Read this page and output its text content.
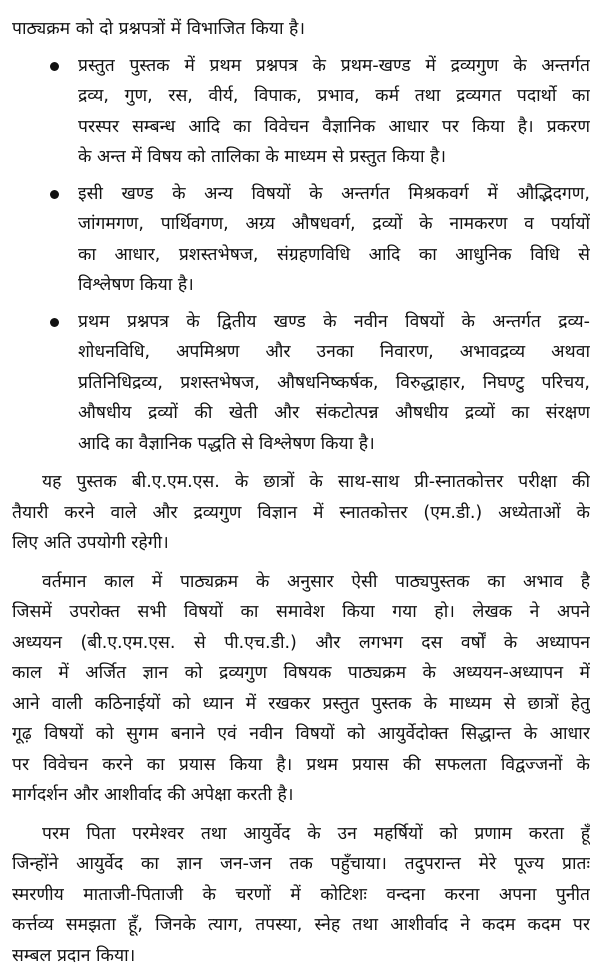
पाठ्यक्रम को दो प्रश्नपत्रों में विभाजित किया है।
प्रस्तुत पुस्तक में प्रथम प्रश्नपत्र के प्रथम-खण्ड में द्रव्यगुण के अन्तर्गत
द्रव्य, गुण, रस, वीर्य, विपाक, प्रभाव, कर्म तथा द्रव्यगत पदार्थो का
परस्पर सम्बन्ध आदि का विवेचन वैज्ञानिक आधार पर किया है। प्रकरण
के अन्त में विषय को तालिका के माध्यम से प्रस्तुत किया है।
इसी खण्ड के अन्य विषयों के अन्तर्गत मिश्रकवर्ग में औद्भिदगण,
जांगमगण, पार्थिवगण, अग्र्य औषधवर्ग, द्रव्यों के नामकरण व पर्यायों
का आधार, प्रशस्तभेषज, संग्रहणविधि आदि का आधुनिक विधि से
विश्लेषण किया है।
प्रथम प्रश्नपत्र के द्वितीय खण्ड के नवीन विषयों के अन्तर्गत द्रव्य-
शोधनविधि, अपमिश्रण और उनका निवारण, अभावद्रव्य अथवा
प्रतिनिधिद्रव्य, प्रशस्तभेषज, औषधनिष्कर्षक, विरुद्धाहार, निघण्टु परिचय,
औषधीय द्रव्यों की खेती और संकटोत्पन्न औषधीय द्रव्यों का संरक्षण
आदि का वैज्ञानिक पद्धति से विश्लेषण किया है।
यह पुस्तक बी.ए.एम.एस. के छात्रों के साथ-साथ प्री-स्नातकोत्तर परीक्षा की
तैयारी करने वाले और द्रव्यगुण विज्ञान में स्नातकोत्तर (एम.डी.) अध्येताओं के
लिए अति उपयोगी रहेगी।
वर्तमान काल में पाठ्यक्रम के अनुसार ऐसी पाठ्यपुस्तक का अभाव है
जिसमें उपरोक्त सभी विषयों का समावेश किया गया हो। लेखक ने अपने
अध्ययन (बी.ए.एम.एस. से पी.एच.डी.) और लगभग दस वर्षों के अध्यापन
काल में अर्जित ज्ञान को द्रव्यगुण विषयक पाठ्यक्रम के अध्ययन-अध्यापन में
आने वाली कठिनाईयों को ध्यान में रखकर प्रस्तुत पुस्तक के माध्यम से छात्रों हेतु
गूढ़ विषयों को सुगम बनाने एवं नवीन विषयों को आयुर्वेदोक्त सिद्धान्त के आधार
पर विवेचन करने का प्रयास किया है। प्रथम प्रयास की सफलता विद्वज्जनों के
मार्गदर्शन और आशीर्वाद की अपेक्षा करती है।
परम पिता परमेश्वर तथा आयुर्वेद के उन महर्षियों को प्रणाम करता हूँ
जिन्होंने आयुर्वेद का ज्ञान जन-जन तक पहुँचाया। तदुपरान्त मेरे पूज्य प्रातः
स्मरणीय माताजी-पिताजी के चरणों में कोटिशः वन्दना करना अपना पुनीत
कर्त्तव्य समझता हूँ, जिनके त्याग, तपस्या, स्नेह तथा आशीर्वाद ने कदम कदम पर
सम्बल प्रदान किया।
